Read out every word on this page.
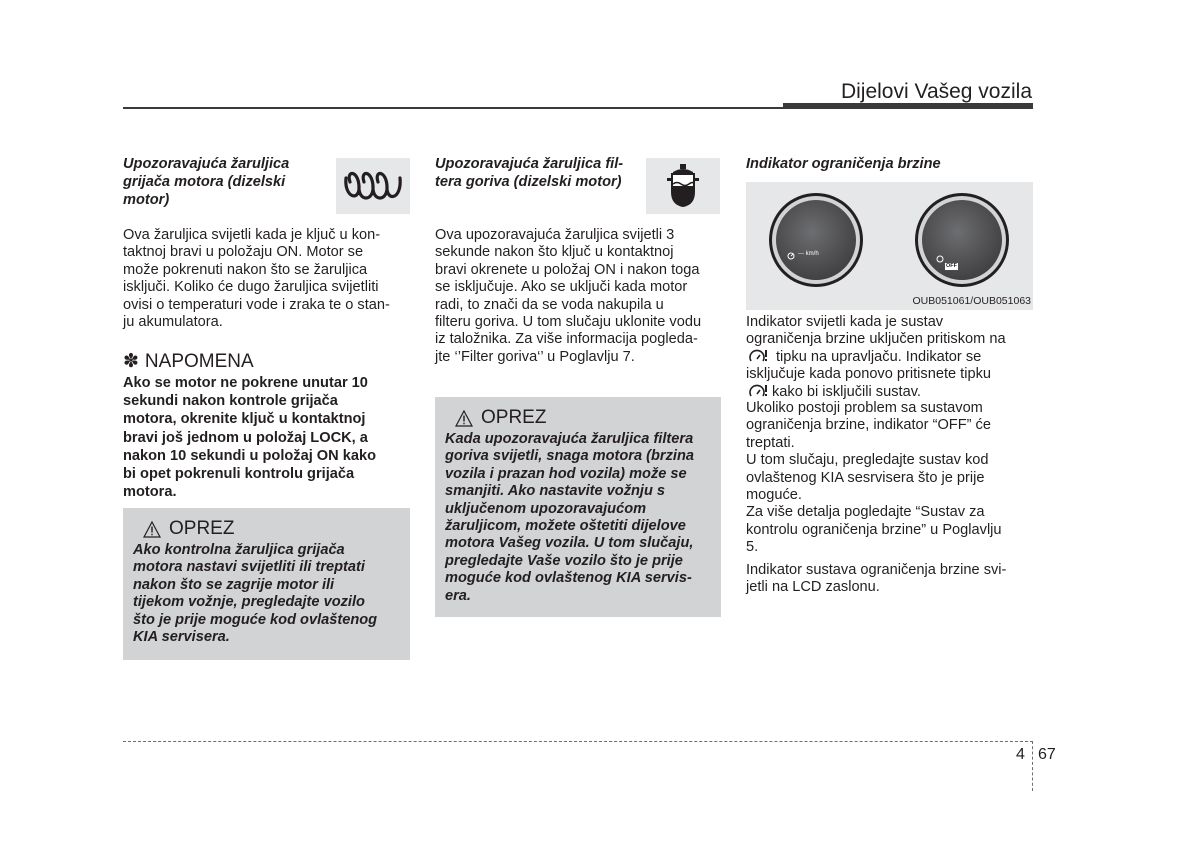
Dijelovi Vašeg vozila

Upozoravajuća žaruljica
grijača motora (dizelski
motor)

Ova žaruljica svijetli kada je ključ u kon-
taktnoj bravi u položaju ON. Motor se
može pokrenuti nakon što se žaruljica
isključi. Koliko će dugo žaruljica svijetliti
ovisi o temperaturi vode i zraka te o stan-
ju akumulatora.

✽ NAPOMENA

Ako se motor ne pokrene unutar 10
sekundi nakon kontrole grijača
motora, okrenite ključ u kontaktnoj
bravi još jednom u položaj LOCK, a
nakon 10 sekundi u položaj ON kako
bi opet pokrenuli kontrolu grijača
motora.

OPREZ

Ako kontrolna žaruljica grijača
motora nastavi svijetliti ili treptati
nakon što se zagrije motor ili
tijekom vožnje, pregledajte vozilo
što je prije moguće kod ovlaštenog
KIA servisera.

Upozoravajuća žaruljica fil-
tera goriva (dizelski motor)

Ova upozoravajuća žaruljica svijetli 3
sekunde nakon što ključ u kontaktnoj
bravi okrenete u položaj ON i nakon toga
se isključuje. Ako se uključi kada motor
radi, to znači da se voda nakupila u
filteru goriva. U tom slučaju uklonite vodu
iz taložnika. Za više informacija pogleda-
jte ‘’Filter goriva‘’ u Poglavlju 7.

OPREZ

Kada upozoravajuća žaruljica filtera
goriva svijetli, snaga motora (brzina
vozila i prazan hod vozila) može se
smanjiti. Ako nastavite vožnju s
uključenom upozoravajućom
žaruljicom, možete oštetiti dijelove
motora Vašeg vozila. U tom slučaju,
pregledajte Vaše vozilo što je prije
moguće kod ovlaštenog KIA servis-
era.

Indikator ograničenja brzine

--- km/h
OFF
OUB051061/OUB051063

Indikator svijetli kada je sustav
ograničenja brzine uključen pritiskom na

tipku na upravljaču. Indikator se
isključuje kada ponovo pritisnete tipku

kako bi isključili sustav.

Ukoliko postoji problem sa sustavom
ograničenja brzine, indikator “OFF” će
treptati.
U tom slučaju, pregledajte sustav kod
ovlaštenog KIA sesrvisera što je prije
moguće.
Za više detalja pogledajte “Sustav za
kontrolu ograničenja brzine” u Poglavlju
5.

Indikator sustava ograničenja brzine svi-
jetli na LCD zaslonu.

4 67
